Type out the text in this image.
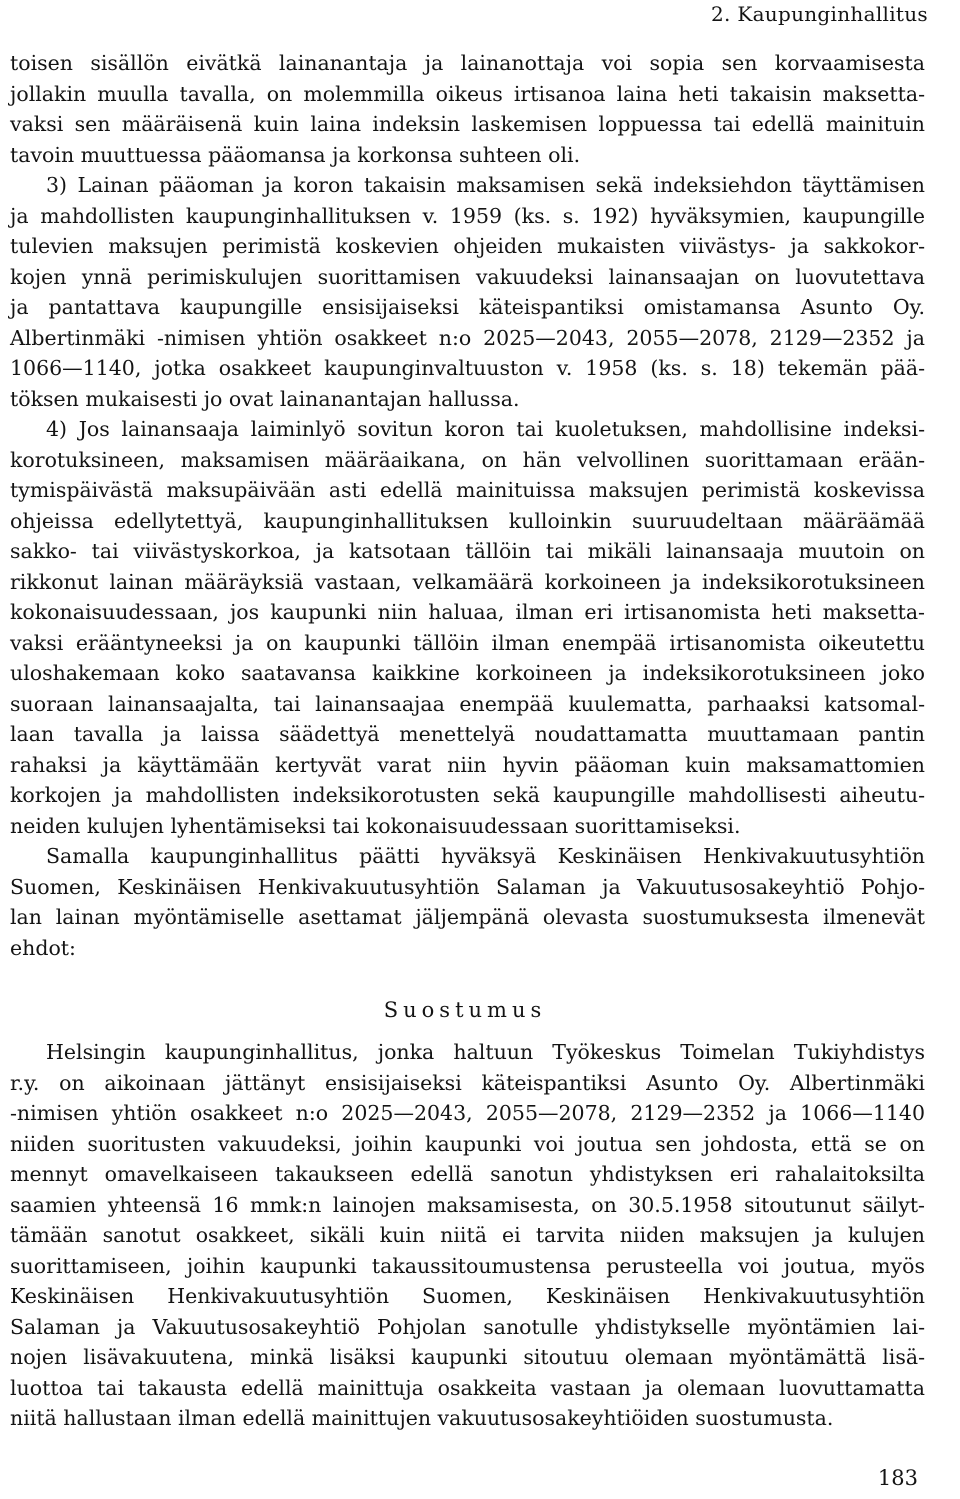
2. Kaupunginhallitus
toisen sisällön eivätkä lainanantaja ja lainanottaja voi sopia sen korvaamisesta
jollakin muulla tavalla, on molemmilla oikeus irtisanoa laina heti takaisin maksetta-
vaksi sen määräisenä kuin laina indeksin laskemisen loppuessa tai edellä mainituin
tavoin muuttuessa pääomansa ja korkonsa suhteen oli.
3) Lainan pääoman ja koron takaisin maksamisen sekä indeksiehdon täyttämisen
ja mahdollisten kaupunginhallituksen v. 1959 (ks. s. 192) hyväksymien, kaupungille
tulevien maksujen perimistä koskevien ohjeiden mukaisten viivästys- ja sakkokor-
kojen ynnä perimiskulujen suorittamisen vakuudeksi lainansaajan on luovutettava
ja pantattava kaupungille ensisijaiseksi käteispantiksi omistamansa Asunto Oy.
Albertinmäki -nimisen yhtiön osakkeet n:o 2025—2043, 2055—2078, 2129—2352 ja
1066—1140, jotka osakkeet kaupunginvaltuuston v. 1958 (ks. s. 18) tekemän pää-
töksen mukaisesti jo ovat lainanantajan hallussa.
4) Jos lainansaaja laiminlyö sovitun koron tai kuoletuksen, mahdollisine indeksi-
korotuksineen, maksamisen määräaikana, on hän velvollinen suorittamaan erään-
tymispäivästä maksupäivään asti edellä mainituissa maksujen perimistä koskevissa
ohjeissa edellytettyä, kaupunginhallituksen kulloinkin suuruudeltaan määräämää
sakko- tai viivästyskorkoa, ja katsotaan tällöin tai mikäli lainansaaja muutoin on
rikkonut lainan määräyksiä vastaan, velkamäärä korkoineen ja indeksikorotuksineen
kokonaisuudessaan, jos kaupunki niin haluaa, ilman eri irtisanomista heti maksetta-
vaksi erääntyneeksi ja on kaupunki tällöin ilman enempää irtisanomista oikeutettu
uloshakemaan koko saatavansa kaikkine korkoineen ja indeksikorotuksineen joko
suoraan lainansaajalta, tai lainansaajaa enempää kuulematta, parhaaksi katsomal-
laan tavalla ja laissa säädettyä menettelyä noudattamatta muuttamaan pantin
rahaksi ja käyttämään kertyvät varat niin hyvin pääoman kuin maksamattomien
korkojen ja mahdollisten indeksikorotusten sekä kaupungille mahdollisesti aiheutu-
neiden kulujen lyhentämiseksi tai kokonaisuudessaan suorittamiseksi.
Samalla kaupunginhallitus päätti hyväksyä Keskinäisen Henkivakuutusyhtiön
Suomen, Keskinäisen Henkivakuutusyhtiön Salaman ja Vakuutusosakeyhtiö Pohjo-
lan lainan myöntämiselle asettamat jäljempänä olevasta suostumuksesta ilmenevät
ehdot:
Suostumus
Helsingin kaupunginhallitus, jonka haltuun Työkeskus Toimelan Tukiyhdistys
r.y. on aikoinaan jättänyt ensisijaiseksi käteispantiksi Asunto Oy. Albertinmäki
-nimisen yhtiön osakkeet n:o 2025—2043, 2055—2078, 2129—2352 ja 1066—1140
niiden suoritusten vakuudeksi, joihin kaupunki voi joutua sen johdosta, että se on
mennyt omavelkaiseen takaukseen edellä sanotun yhdistyksen eri rahalaitoksilta
saamien yhteensä 16 mmk:n lainojen maksamisesta, on 30.5.1958 sitoutunut säilyt-
tämään sanotut osakkeet, sikäli kuin niitä ei tarvita niiden maksujen ja kulujen
suorittamiseen, joihin kaupunki takaussitoumustensa perusteella voi joutua, myös
Keskinäisen Henkivakuutusyhtiön Suomen, Keskinäisen Henkivakuutusyhtiön
Salaman ja Vakuutusosakeyhtiö Pohjolan sanotulle yhdistykselle myöntämien lai-
nojen lisävakuutena, minkä lisäksi kaupunki sitoutuu olemaan myöntämättä lisä-
luottoa tai takausta edellä mainittuja osakkeita vastaan ja olemaan luovuttamatta
niitä hallustaan ilman edellä mainittujen vakuutusosakeyhtiöiden suostumusta.
183
